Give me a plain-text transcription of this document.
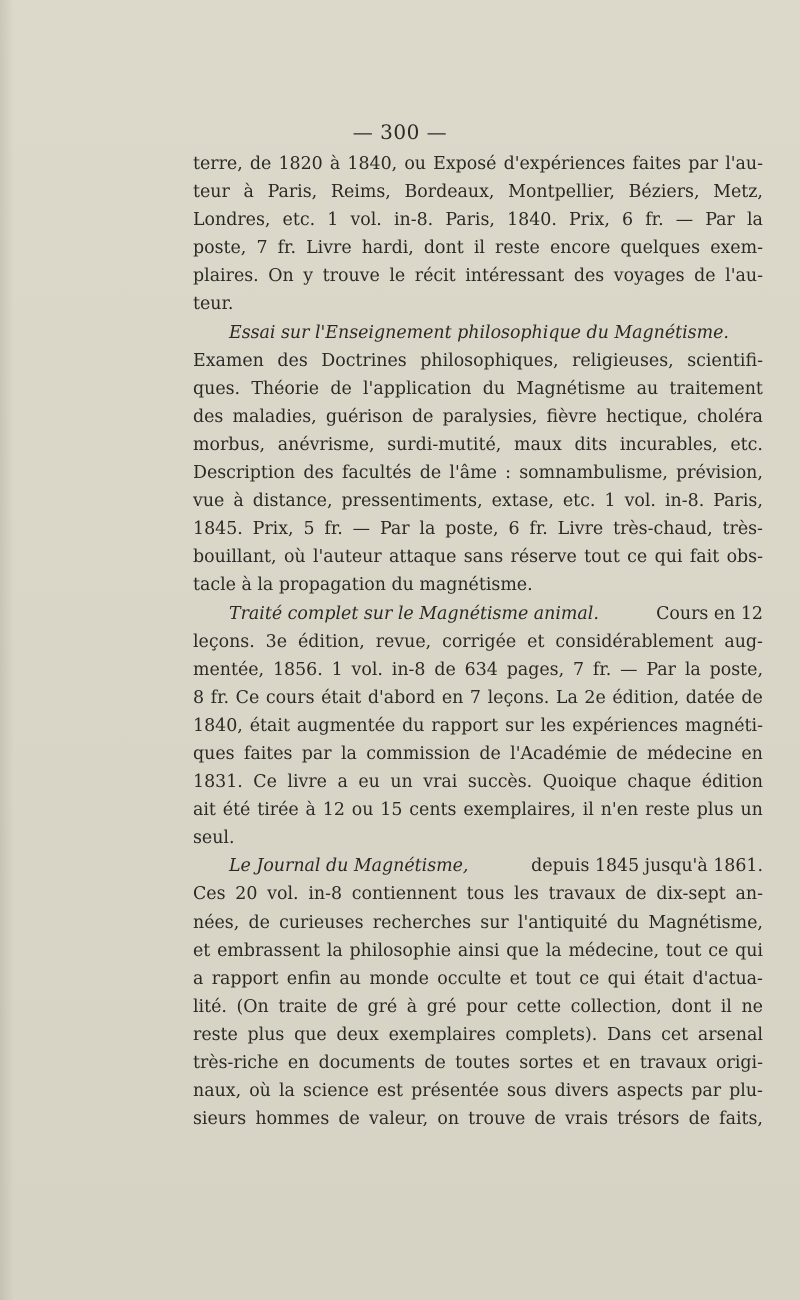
— 300 —
terre, de 1820 à 1840, ou Exposé d'expériences faites par l'au-
teur à Paris, Reims, Bordeaux, Montpellier, Béziers, Metz,
Londres, etc. 1 vol. in-8. Paris, 1840. Prix, 6 fr. — Par la
poste, 7 fr. Livre hardi, dont il reste encore quelques exem-
plaires. On y trouve le récit intéressant des voyages de l'au-
teur.
Essai sur l'Enseignement philosophique du Magnétisme.
Examen des Doctrines philosophiques, religieuses, scientifi-
ques. Théorie de l'application du Magnétisme au traitement
des maladies, guérison de paralysies, fièvre hectique, choléra
morbus, anévrisme, surdi-mutité, maux dits incurables, etc.
Description des facultés de l'âme : somnambulisme, prévision,
vue à distance, pressentiments, extase, etc. 1 vol. in-8. Paris,
1845. Prix, 5 fr. — Par la poste, 6 fr. Livre très-chaud, très-
bouillant, où l'auteur attaque sans réserve tout ce qui fait obs-
tacle à la propagation du magnétisme.
Traité complet sur le Magnétisme animal.	Cours en 12
leçons. 3e édition, revue, corrigée et considérablement aug-
mentée, 1856. 1 vol. in-8 de 634 pages, 7 fr. — Par la poste,
8 fr. Ce cours était d'abord en 7 leçons. La 2e édition, datée de
1840, était augmentée du rapport sur les expériences magnéti-
ques faites par la commission de l'Académie de médecine en
1831. Ce livre a eu un vrai succès. Quoique chaque édition
ait été tirée à 12 ou 15 cents exemplaires, il n'en reste plus un
seul.
Le Journal du Magnétisme,	depuis 1845 jusqu'à 1861.
Ces 20 vol. in-8 contiennent tous les travaux de dix-sept an-
nées, de curieuses recherches sur l'antiquité du Magnétisme,
et embrassent la philosophie ainsi que la médecine, tout ce qui
a rapport enfin au monde occulte et tout ce qui était d'actua-
lité. (On traite de gré à gré pour cette collection, dont il ne
reste plus que deux exemplaires complets). Dans cet arsenal
très-riche en documents de toutes sortes et en travaux origi-
naux, où la science est présentée sous divers aspects par plu-
sieurs hommes de valeur, on trouve de vrais trésors de faits,
